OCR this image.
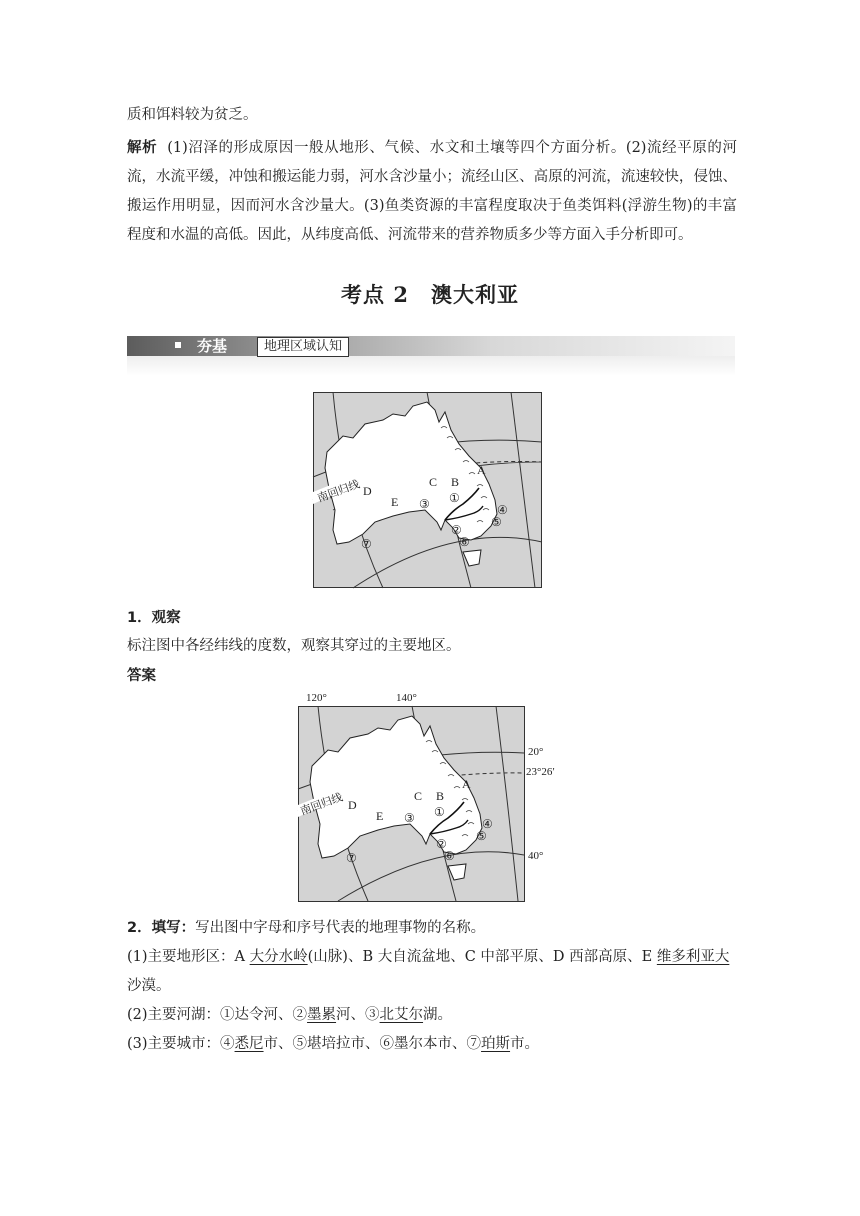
质和饵料较为贫乏。
解析 (1)沼泽的形成原因一般从地形、气候、水文和土壤等四个方面分析。(2)流经平原的河流，水流平缓，冲蚀和搬运能力弱，河水含沙量小；流经山区、高原的河流，流速较快，侵蚀、搬运作用明显，因而河水含沙量大。(3)鱼类资源的丰富程度取决于鱼类饵料(浮游生物)的丰富程度和水温的高低。因此，从纬度高低、河流带来的营养物质多少等方面入手分析即可。
考点 2　澳大利亚
夯基	地理区域认知
南回归线 D
E
C B
A
③ ①
②
⑥
④
⑤
⑦
1．观察
标注图中各经纬线的度数，观察其穿过的主要地区。
答案
120°	140°
20°
23°26′
40°
南回归线 D
E
C B
A
③ ①
②
⑥
④
⑤
⑦
2．填写：写出图中字母和序号代表的地理事物的名称。
(1)主要地形区：A 大分水岭(山脉)、B 大自流盆地、C 中部平原、D 西部高原、E 维多利亚大
沙漠。
(2)主要河湖：①达令河、②墨累河、③北艾尔湖。
(3)主要城市：④悉尼市、⑤堪培拉市、⑥墨尔本市、⑦珀斯市。
